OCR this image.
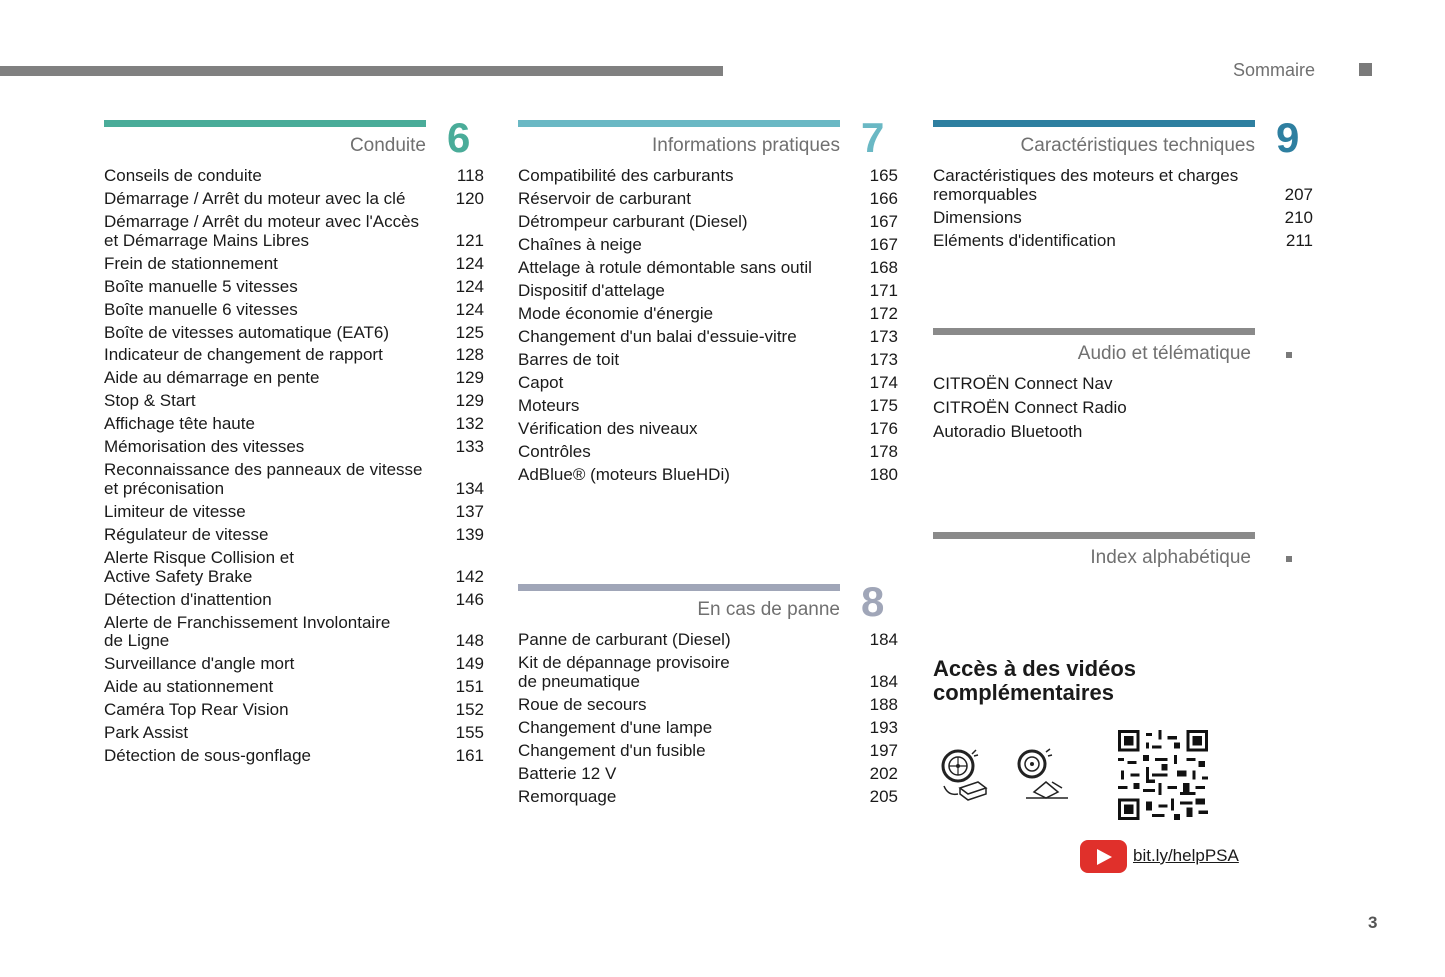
Sommaire
Conduite 6
Conseils de conduite	118
Démarrage / Arrêt du moteur avec la clé	120
Démarrage / Arrêt du moteur avec l'Accès
et Démarrage Mains Libres	121
Frein de stationnement	124
Boîte manuelle 5 vitesses	124
Boîte manuelle 6 vitesses	124
Boîte de vitesses automatique (EAT6)	125
Indicateur de changement de rapport	128
Aide au démarrage en pente	129
Stop & Start	129
Affichage tête haute	132
Mémorisation des vitesses	133
Reconnaissance des panneaux de vitesse
et préconisation	134
Limiteur de vitesse	137
Régulateur de vitesse	139
Alerte Risque Collision et
Active Safety Brake	142
Détection d'inattention	146
Alerte de Franchissement Involontaire
de Ligne	148
Surveillance d'angle mort	149
Aide au stationnement	151
Caméra Top Rear Vision	152
Park Assist	155
Détection de sous-gonflage	161
Informations pratiques 7
Compatibilité des carburants	165
Réservoir de carburant	166
Détrompeur carburant (Diesel)	167
Chaînes à neige	167
Attelage à rotule démontable sans outil	168
Dispositif d'attelage	171
Mode économie d'énergie	172
Changement d'un balai d'essuie-vitre	173
Barres de toit	173
Capot	174
Moteurs	175
Vérification des niveaux	176
Contrôles	178
AdBlue® (moteurs BlueHDi)	180
En cas de panne 8
Panne de carburant (Diesel)	184
Kit de dépannage provisoire
de pneumatique	184
Roue de secours	188
Changement d'une lampe	193
Changement d'un fusible	197
Batterie 12 V	202
Remorquage	205
Caractéristiques techniques 9
Caractéristiques des moteurs et charges
remorquables	207
Dimensions	210
Eléments d'identification	211
Audio et télématique
CITROËN Connect Nav
CITROËN Connect Radio
Autoradio Bluetooth
Index alphabétique
Accès à des vidéos
complémentaires
bit.ly/helpPSA
3
